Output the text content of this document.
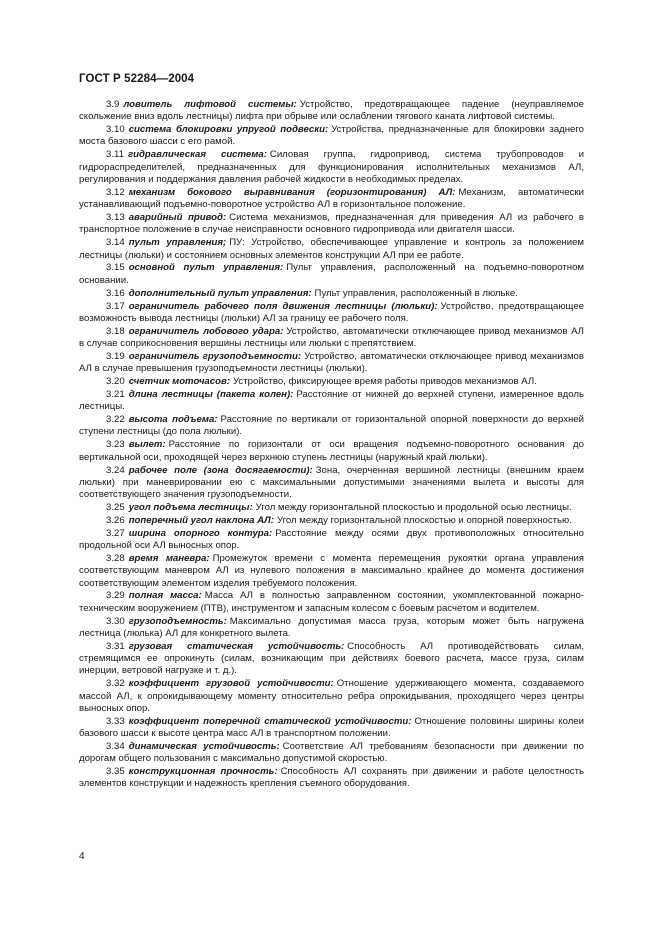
ГОСТ Р 52284—2004

3.9 ловитель лифтовой системы: Устройство, предотвращающее падение (неуправляемое скольжение вниз вдоль лестницы) лифта при обрыве или ослаблении тягового каната лифтовой системы.

3.10 система блокировки упругой подвески: Устройства, предназначенные для блокировки заднего моста базового шасси с его рамой.

3.11 гидравлическая система: Силовая группа, гидропривод, система трубопроводов и гидрораспределителей, предназначенных для функционирования исполнительных механизмов АЛ, регулирования и поддержания давления рабочей жидкости в необходимых пределах.

3.12 механизм бокового выравнивания (горизонтирования) АЛ: Механизм, автоматически устанавливающий подъемно-поворотное устройство АЛ в горизонтальное положение.

3.13 аварийный привод: Система механизмов, предназначенная для приведения АЛ из рабочего в транспортное положение в случае неисправности основного гидропривода или двигателя шасси.

3.14 пульт управления; ПУ: Устройство, обеспечивающее управление и контроль за положением лестницы (люльки) и состоянием основных элементов конструкции АЛ при ее работе.

3.15 основной пульт управления: Пульт управления, расположенный на подъемно-поворотном основании.

3.16 дополнительный пульт управления: Пульт управления, расположенный в люльке.

3.17 ограничитель рабочего поля движения лестницы (люльки): Устройство, предотвращающее возможность вывода лестницы (люльки) АЛ за границу ее рабочего поля.

3.18 ограничитель лобового удара: Устройство, автоматически отключающее привод механизмов АЛ в случае соприкосновения вершины лестницы или люльки с препятствием.

3.19 ограничитель грузоподъемности: Устройство, автоматически отключающее привод механизмов АЛ в случае превышения грузоподъемности лестницы (люльки).

3.20 счетчик моточасов: Устройство, фиксирующее время работы приводов механизмов АЛ.

3.21 длина лестницы (пакета колен): Расстояние от нижней до верхней ступени, измеренное вдоль лестницы.

3.22 высота подъема: Расстояние по вертикали от горизонтальной опорной поверхности до верхней ступени лестницы (до пола люльки).

3.23 вылет: Расстояние по горизонтали от оси вращения подъемно-поворотного основания до вертикальной оси, проходящей через верхнюю ступень лестницы (наружный край люльки).

3.24 рабочее поле (зона досягаемости): Зона, очерченная вершиной лестницы (внешним краем люльки) при маневрировании ею с максимальными допустимыми значениями вылета и высоты для соответствующего значения грузоподъемности.

3.25 угол подъема лестницы: Угол между горизонтальной плоскостью и продольной осью лестницы.

3.26 поперечный угол наклона АЛ: Угол между горизонтальной плоскостью и опорной поверхностью.

3.27 ширина опорного контура: Расстояние между осями двух противоположных относительно продольной оси АЛ выносных опор.

3.28 время маневра: Промежуток времени с момента перемещения рукоятки органа управления соответствующим маневром АЛ из нулевого положения в максимально крайнее до момента достижения соответствующим элементом изделия требуемого положения.

3.29 полная масса: Масса АЛ в полностью заправленном состоянии, укомплектованной пожарно-техническим вооружением (ПТВ), инструментом и запасным колесом с боевым расчетом и водителем.

3.30 грузоподъемность: Максимально допустимая масса груза, которым может быть нагружена лестница (люлька) АЛ для конкретного вылета.

3.31 грузовая статическая устойчивость: Способность АЛ противодействовать силам, стремящимся ее опрокинуть (силам, возникающим при действиях боевого расчета, массе груза, силам инерции, ветровой нагрузке и т. д.).

3.32 коэффициент грузовой устойчивости: Отношение удерживающего момента, создаваемого массой АЛ, к опрокидывающему моменту относительно ребра опрокидывания, проходящего через центры выносных опор.

3.33 коэффициент поперечной статической устойчивости: Отношение половины ширины колеи базового шасси к высоте центра масс АЛ в транспортном положении.

3.34 динамическая устойчивость: Соответствие АЛ требованиям безопасности при движении по дорогам общего пользования с максимально допустимой скоростью.

3.35 конструкционная прочность: Способность АЛ сохранять при движении и работе целостность элементов конструкции и надежность крепления съемного оборудования.

4
